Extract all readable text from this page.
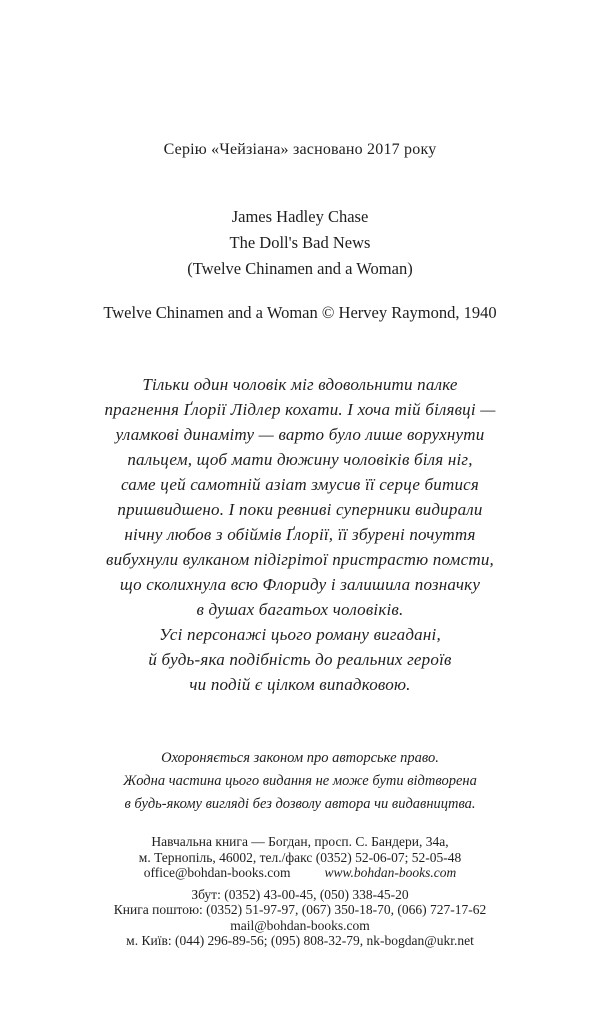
Серію «Чейзіана» засновано 2017 року
James Hadley Chase
The Doll's Bad News
(Twelve Chinamen and a Woman)
Twelve Chinamen and a Woman © Hervey Raymond, 1940
Тільки один чоловік міг вдовольнити палке
прагнення Ґлорії Лідлер кохати. І хоча тій білявці —
уламкові динаміту — варто було лише ворухнути
пальцем, щоб мати дюжину чоловіків біля ніг,
саме цей самотній азіат змусив її серце битися
пришвидшено. І поки ревниві суперники видирали
нічну любов з обіймів Ґлорії, її збурені почуття
вибухнули вулканом підігрітої пристрастю помсти,
що сколихнула всю Флориду і залишила позначку
в душах багатьох чоловіків.
Усі персонажі цього роману вигадані,
й будь-яка подібність до реальних героїв
чи подій є цілком випадковою.
Охороняється законом про авторське право.
Жодна частина цього видання не може бути відтворена
в будь-якому вигляді без дозволу автора чи видавництва.
Навчальна книга — Богдан, просп. С. Бандери, 34а,
м. Тернопіль, 46002, тел./факс (0352) 52-06-07; 52-05-48
office@bohdan-books.com	www.bohdan-books.com
Збут: (0352) 43-00-45, (050) 338-45-20
Книга поштою: (0352) 51-97-97, (067) 350-18-70, (066) 727-17-62
mail@bohdan-books.com
м. Київ: (044) 296-89-56; (095) 808-32-79, nk-bogdan@ukr.net
